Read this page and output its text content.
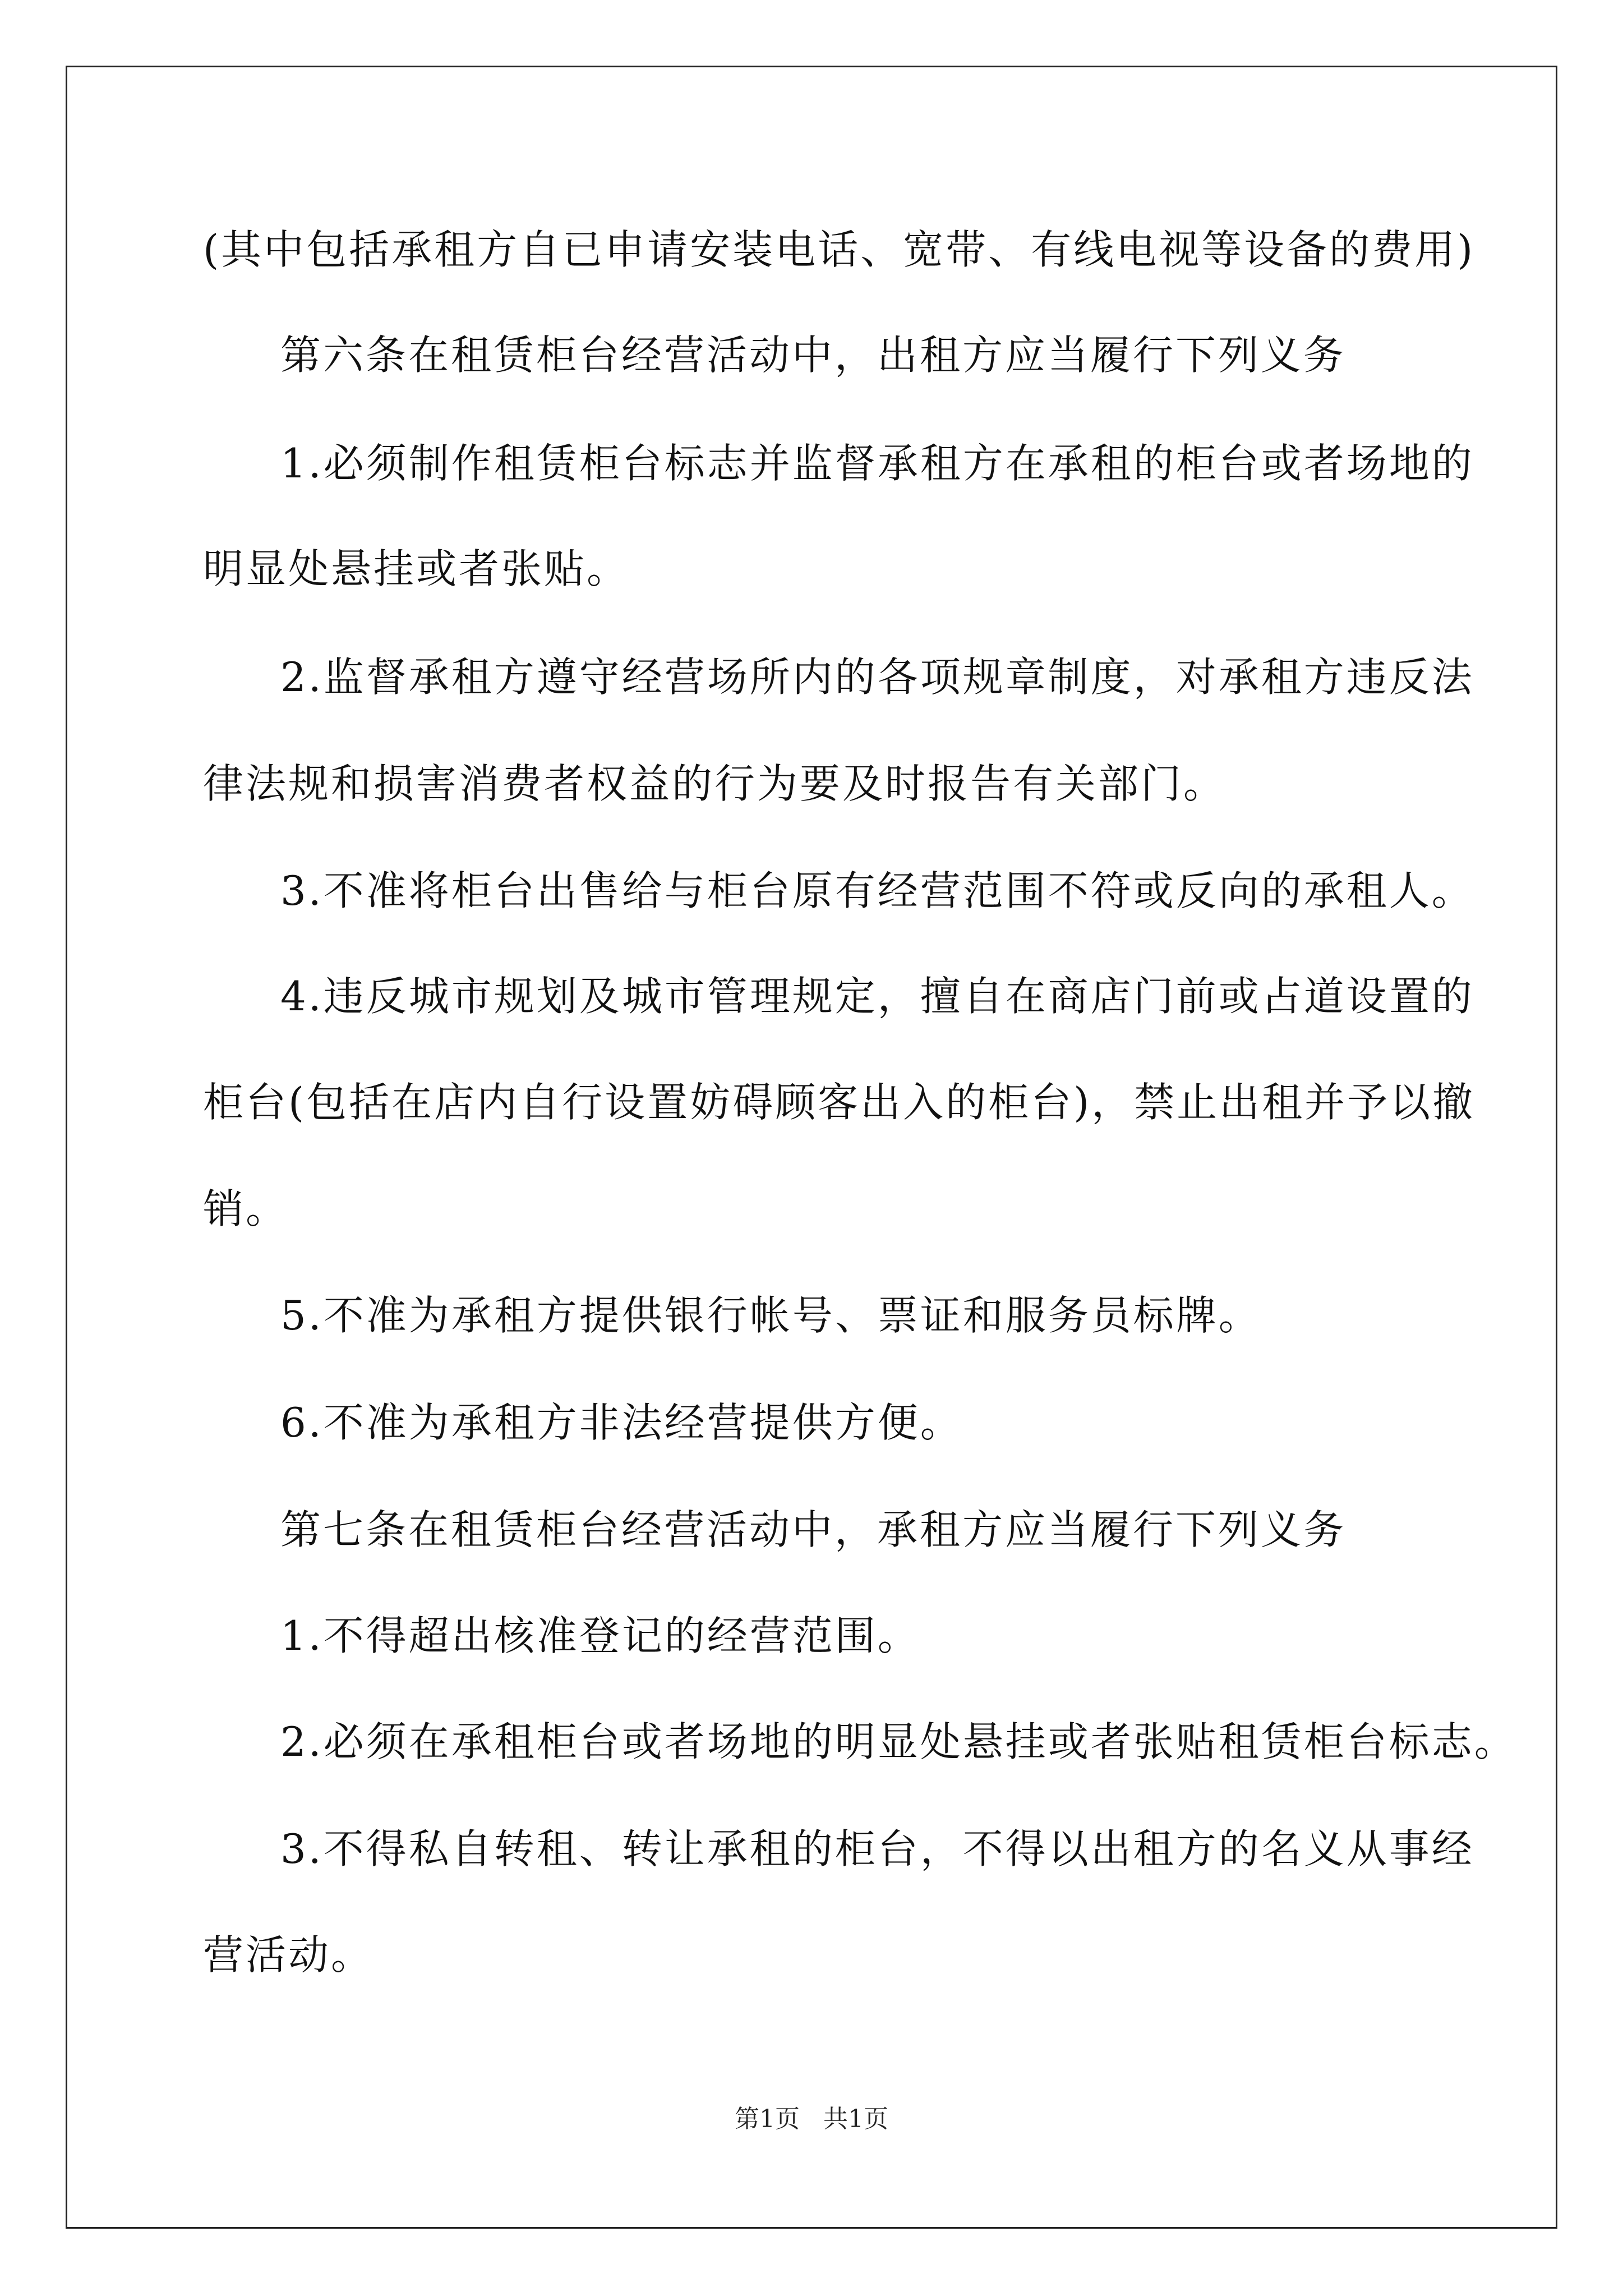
(其中包括承租方自已申请安装电话、宽带、有线电视等设备的费用)
第六条在租赁柜台经营活动中，出租方应当履行下列义务
1.必须制作租赁柜台标志并监督承租方在承租的柜台或者场地的
明显处悬挂或者张贴。
2.监督承租方遵守经营场所内的各项规章制度，对承租方违反法
律法规和损害消费者权益的行为要及时报告有关部门。
3.不准将柜台出售给与柜台原有经营范围不符或反向的承租人。
4.违反城市规划及城市管理规定，擅自在商店门前或占道设置的
柜台(包括在店内自行设置妨碍顾客出入的柜台)，禁止出租并予以撤
销。
5.不准为承租方提供银行帐号、票证和服务员标牌。
6.不准为承租方非法经营提供方便。
第七条在租赁柜台经营活动中，承租方应当履行下列义务
1.不得超出核准登记的经营范围。
2.必须在承租柜台或者场地的明显处悬挂或者张贴租赁柜台标志。
3.不得私自转租、转让承租的柜台，不得以出租方的名义从事经
营活动。
第1页   共1页
